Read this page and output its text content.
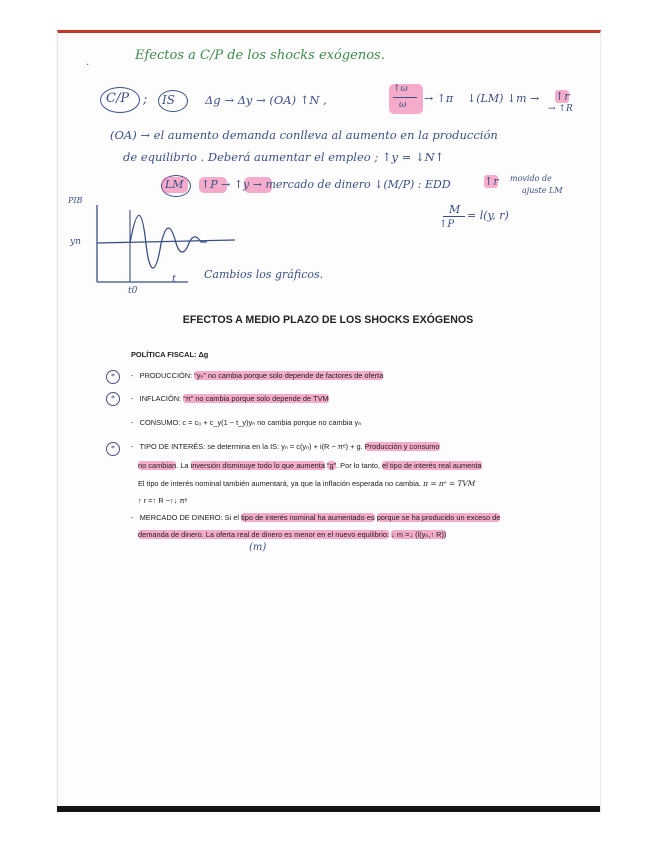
Efectos a C/P de los shocks exógenos.
·
C/P ; IS	Δg → Δy → (OA) ↑N ,
↑ω
ω → ↑π ↓(LM) ↓m → ↑r
→ ↑R
(OA) → el aumento demanda conlleva al aumento en la producción
de equilibrio . Deberá aumentar el empleo ; ↑y = ↓N↑
LM ↑P → ↑y → mercado de dinero ↓(M/P) : EDD	↑r movido de
ajuste LM
M
↑P
= l(y, r)
PIB
yn
t
t0
Cambios los gráficos.
EFECTOS A MEDIO PLAZO DE LOS SHOCKS EXÓGENOS
POLÍTICA FISCAL: Δg
*	- PRODUCCIÓN: “yₙ” no cambia porque solo depende de factores de oferta
*	- INFLACIÓN: “π” no cambia porque solo depende de TVM
- CONSUMO: c = c₀ + c_y(1 − t_y)yₙ no cambia porque no cambia yₙ
*	- TIPO DE INTERÉS: se determina en la IS: yₙ = c(yₙ) + i(R − πᵉ) + g. Producción y consumo
no cambian. La inversión disminuye todo lo que aumenta “g”. Por lo tanto, el tipo de interés real aumenta
El tipo de interés nominal también aumentará, ya que la inflación esperada no cambia. π = πᵉ = TVM
↑ r =↑ R −↑↓ πᵉ
- MERCADO DE DINERO: Si el tipo de interés nominal ha aumentado es porque se ha producido un exceso de
demanda de dinero. La oferta real de dinero es menor en el nuevo equilibrio: ↓ m =↓ (l(yₙ,↑ R))
(m)
